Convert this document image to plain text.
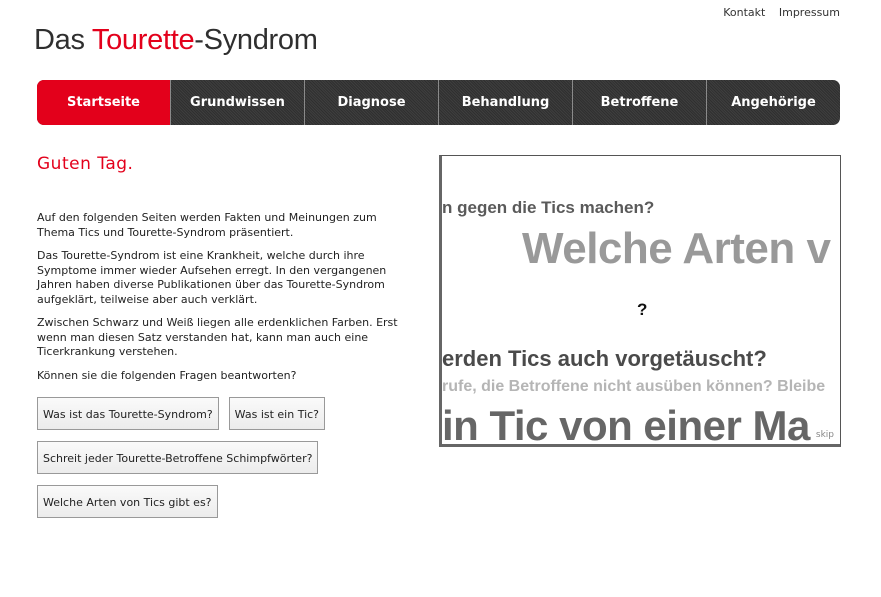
Kontakt Impressum
Das Tourette-Syndrom
Startseite	Grundwissen	Diagnose	Behandlung	Betroffene	Angehörige
Guten Tag.

Auf den folgenden Seiten werden Fakten und Meinungen zum Thema Tics und Tourette-Syndrom präsentiert.

Das Tourette-Syndrom ist eine Krankheit, welche durch ihre Symptome immer wieder Aufsehen erregt. In den vergangenen Jahren haben diverse Publikationen über das Tourette-Syndrom aufgeklärt, teilweise aber auch verklärt.

Zwischen Schwarz und Weiß liegen alle erdenklichen Farben. Erst wenn man diesen Satz verstanden hat, kann man auch eine Ticerkrankung verstehen.

Können sie die folgenden Fragen beantworten?

Was ist das Tourette-Syndrom?	Was ist ein Tic?
Schreit jeder Tourette-Betroffene Schimpfwörter?
Welche Arten von Tics gibt es?
n gegen die Tics machen?
Welche Arten v
?
erden Tics auch vorgetäuscht?
rufe, die Betroffene nicht ausüben können? Bleibe
in Tic von einer Ma skip
